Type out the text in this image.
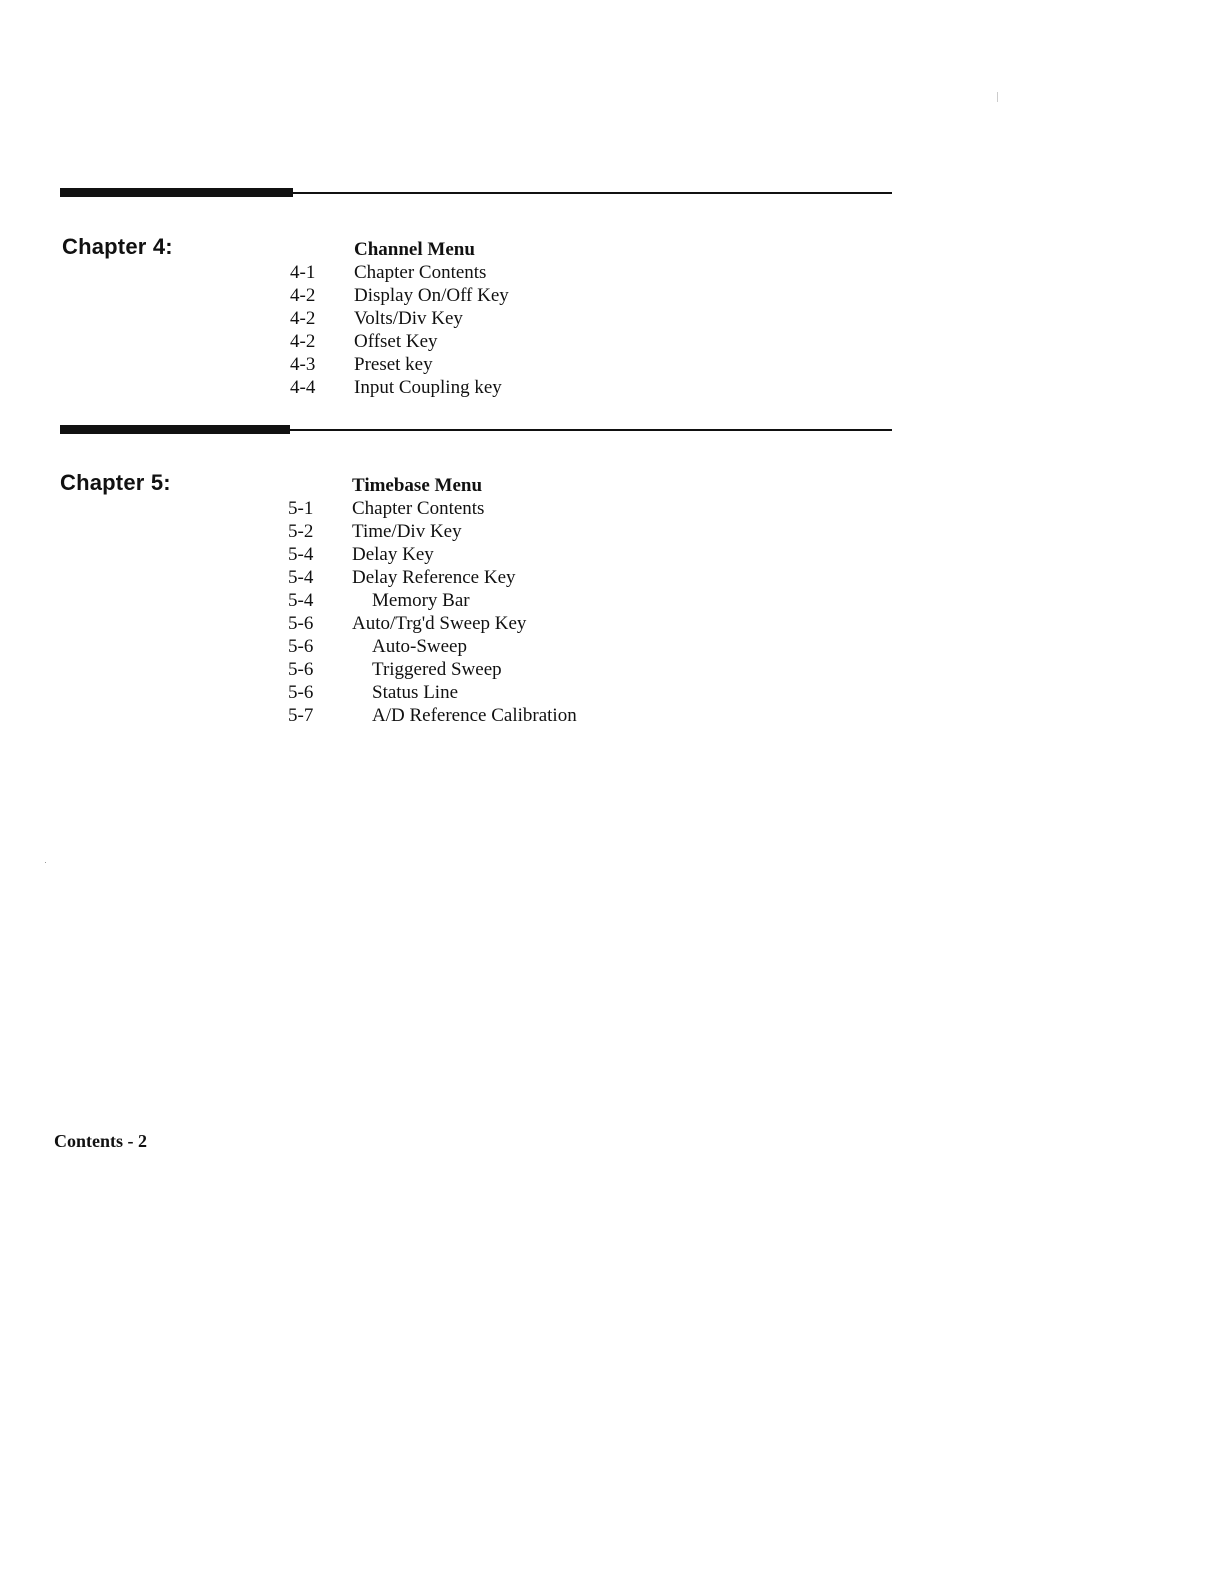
Chapter 4:	Channel Menu
4-1	Chapter Contents
4-2	Display On/Off Key
4-2	Volts/Div Key
4-2	Offset Key
4-3	Preset key
4-4	Input Coupling key
Chapter 5:	Timebase Menu
5-1	Chapter Contents
5-2	Time/Div Key
5-4	Delay Key
5-4	Delay Reference Key
5-4	Memory Bar
5-6	Auto/Trg'd Sweep Key
5-6	Auto-Sweep
5-6	Triggered Sweep
5-6	Status Line
5-7	A/D Reference Calibration
Contents - 2
